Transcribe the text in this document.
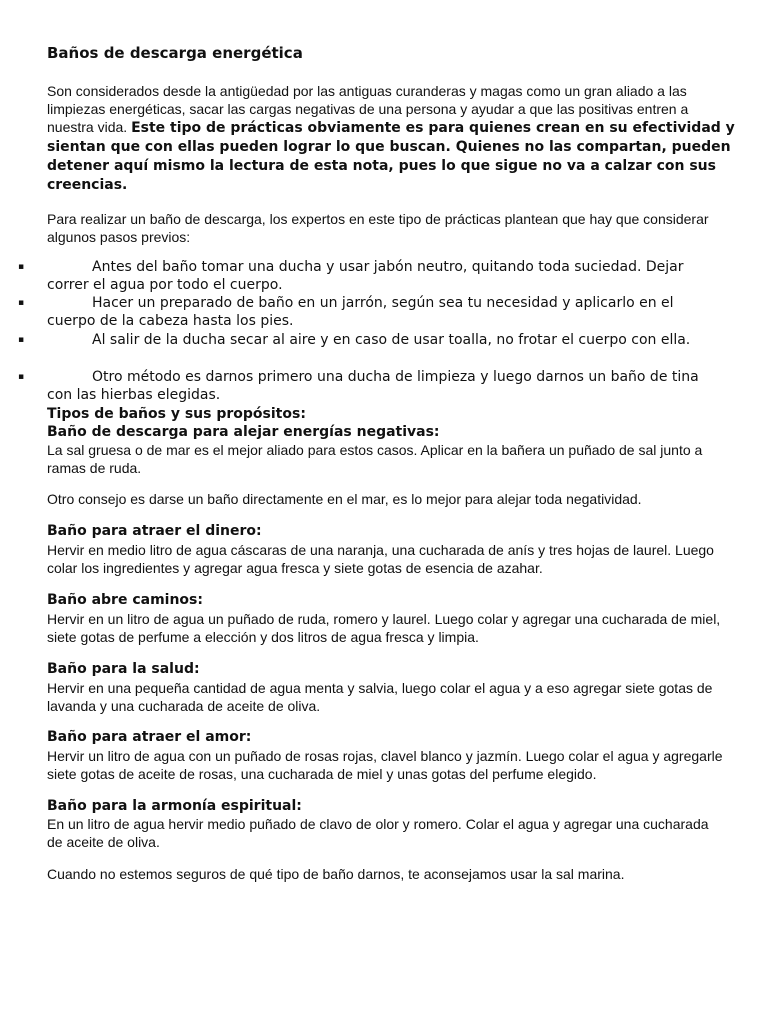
Baños de descarga energética

Son considerados desde la antigüedad por las antiguas curanderas y magas como un gran aliado a las limpiezas energéticas, sacar las cargas negativas de una persona y ayudar a que las positivas entren a nuestra vida. Este tipo de prácticas obviamente es para quienes crean en su efectividad y sientan que con ellas pueden lograr lo que buscan. Quienes no las compartan, pueden detener aquí mismo la lectura de esta nota, pues lo que sigue no va a calzar con sus creencias.

Para realizar un baño de descarga, los expertos en este tipo de prácticas plantean que hay que considerar algunos pasos previos:

▪	Antes del baño tomar una ducha y usar jabón neutro, quitando toda suciedad. Dejar correr el agua por todo el cuerpo.
▪	Hacer un preparado de baño en un jarrón, según sea tu necesidad y aplicarlo en el cuerpo de la cabeza hasta los pies.
▪	Al salir de la ducha secar al aire y en caso de usar toalla, no frotar el cuerpo con ella.
▪	Otro método es darnos primero una ducha de limpieza y luego darnos un baño de tina con las hierbas elegidas.
Tipos de baños y sus propósitos:
Baño de descarga para alejar energías negativas:

La sal gruesa o de mar es el mejor aliado para estos casos. Aplicar en la bañera un puñado de sal junto a ramas de ruda.

Otro consejo es darse un baño directamente en el mar, es lo mejor para alejar toda negatividad.

Baño para atraer el dinero:

Hervir en medio litro de agua cáscaras de una naranja, una cucharada de anís y tres hojas de laurel. Luego colar los ingredientes y agregar agua fresca y siete gotas de esencia de azahar.

Baño abre caminos:

Hervir en un litro de agua un puñado de ruda, romero y laurel. Luego colar y agregar una cucharada de miel, siete gotas de perfume a elección y dos litros de agua fresca y limpia.

Baño para la salud:

Hervir en una pequeña cantidad de agua menta y salvia, luego colar el agua y a eso agregar siete gotas de lavanda y una cucharada de aceite de oliva.

Baño para atraer el amor:

Hervir un litro de agua con un puñado de rosas rojas, clavel blanco y jazmín. Luego colar el agua y agregarle siete gotas de aceite de rosas, una cucharada de miel y unas gotas del perfume elegido.

Baño para la armonía espiritual:

En un litro de agua hervir medio puñado de clavo de olor y romero. Colar el agua y agregar una cucharada de aceite de oliva.

Cuando no estemos seguros de qué tipo de baño darnos, te aconsejamos usar la sal marina.
